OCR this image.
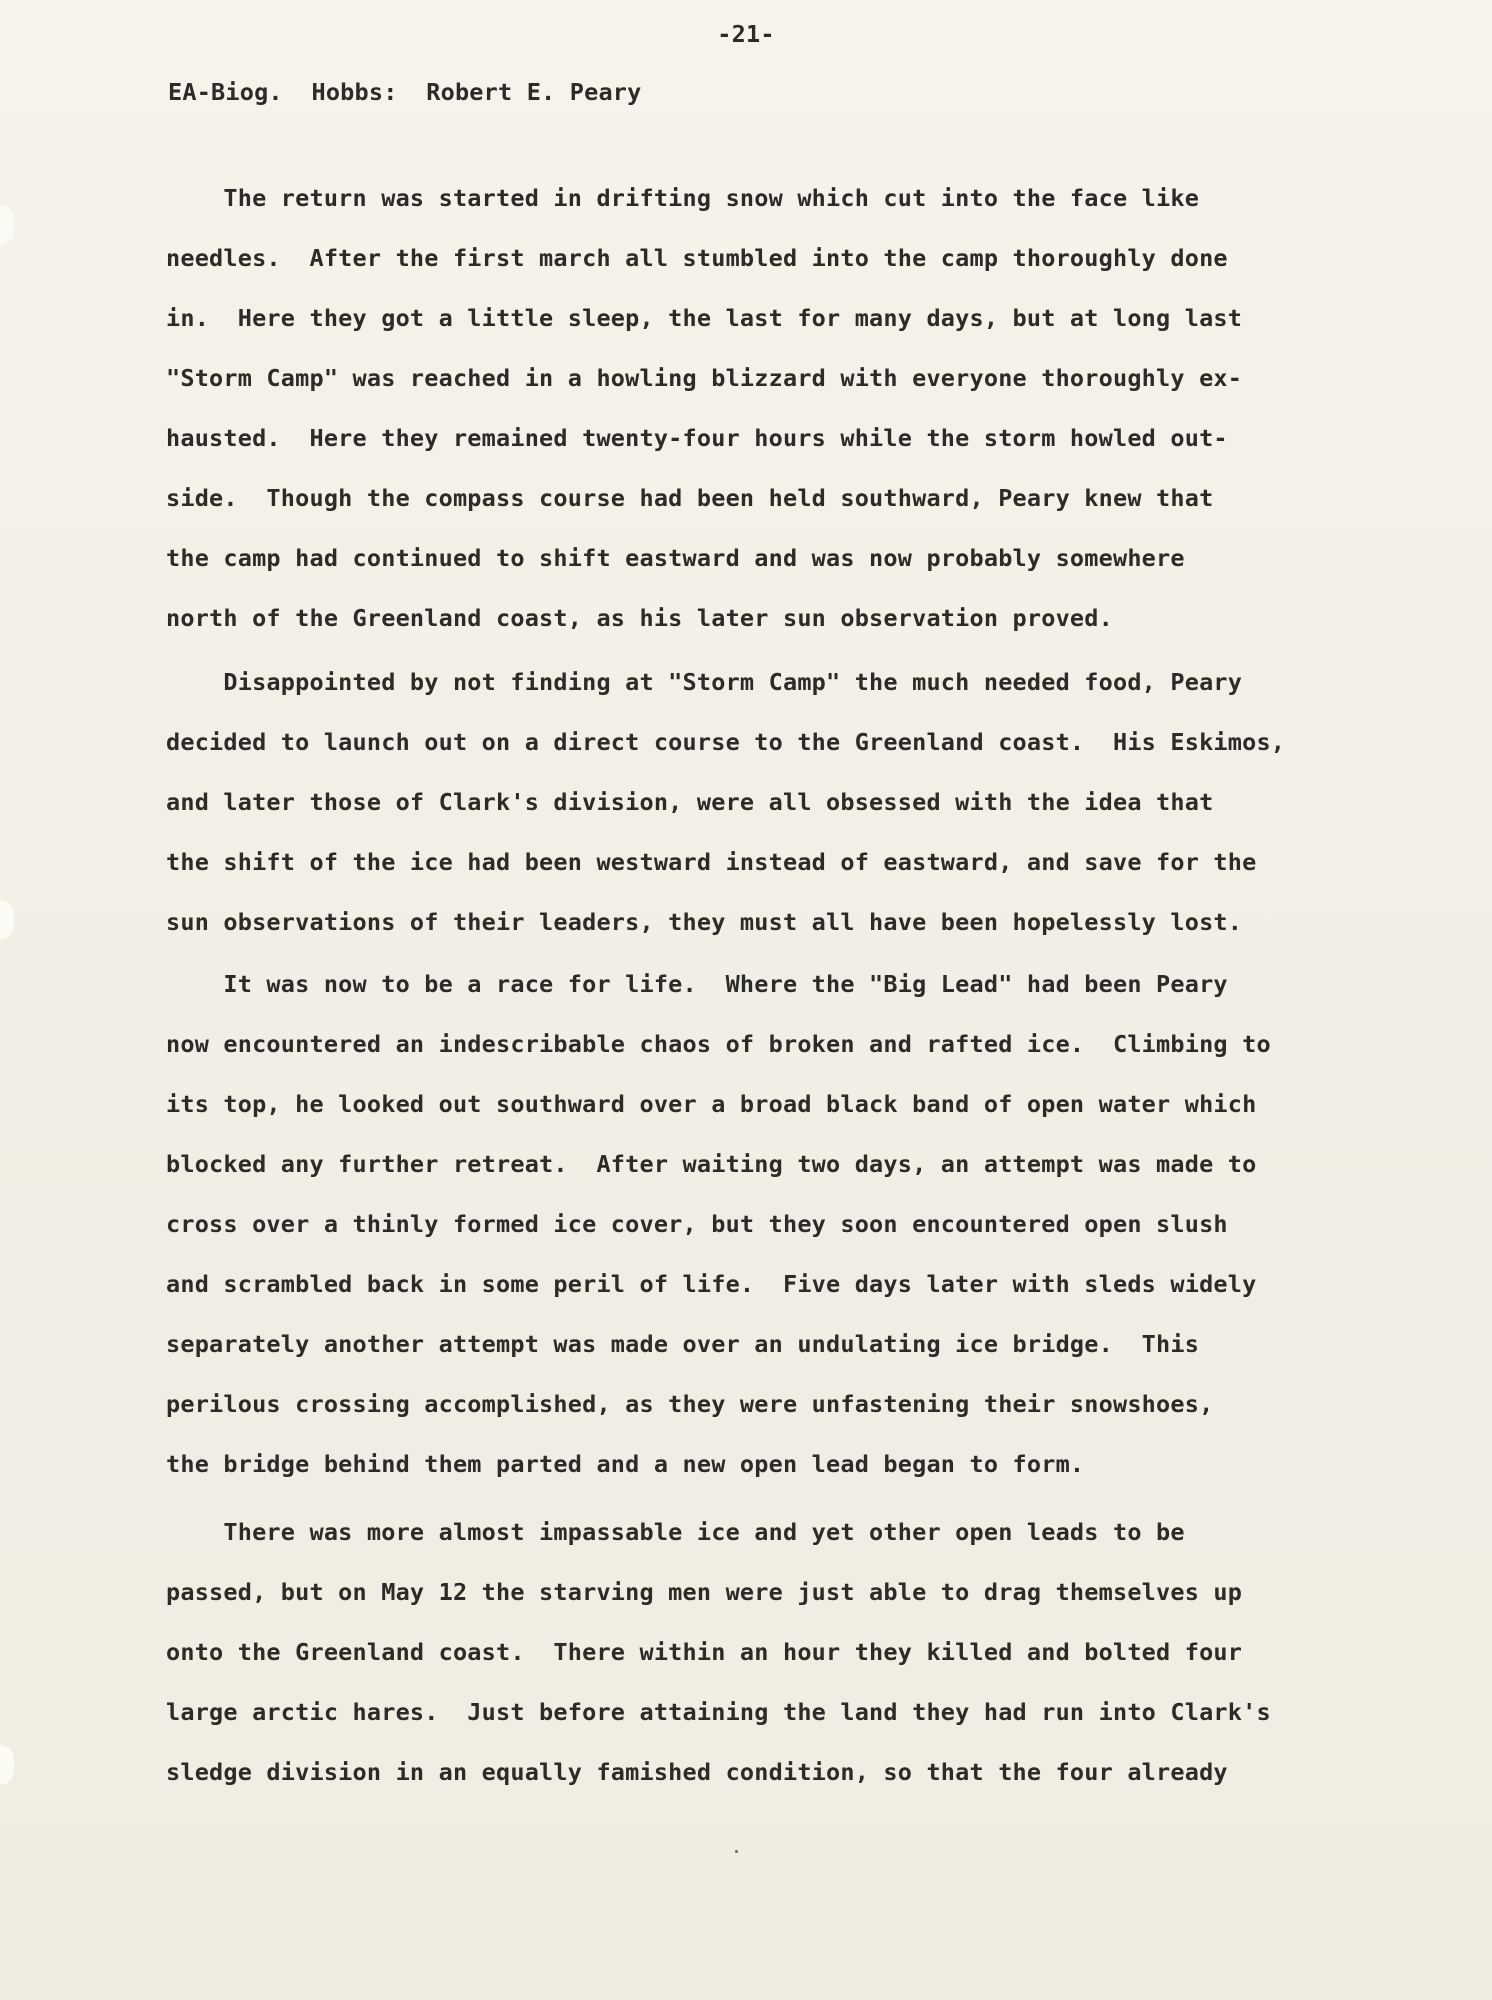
-21-
EA-Biog.  Hobbs:  Robert E. Peary
The return was started in drifting snow which cut into the face like
needles.  After the first march all stumbled into the camp thoroughly done
in.  Here they got a little sleep, the last for many days, but at long last
"Storm Camp" was reached in a howling blizzard with everyone thoroughly ex-
hausted.  Here they remained twenty-four hours while the storm howled out-
side.  Though the compass course had been held southward, Peary knew that
the camp had continued to shift eastward and was now probably somewhere
north of the Greenland coast, as his later sun observation proved.
Disappointed by not finding at "Storm Camp" the much needed food, Peary
decided to launch out on a direct course to the Greenland coast.  His Eskimos,
and later those of Clark's division, were all obsessed with the idea that
the shift of the ice had been westward instead of eastward, and save for the
sun observations of their leaders, they must all have been hopelessly lost.
It was now to be a race for life.  Where the "Big Lead" had been Peary
now encountered an indescribable chaos of broken and rafted ice.  Climbing to
its top, he looked out southward over a broad black band of open water which
blocked any further retreat.  After waiting two days, an attempt was made to
cross over a thinly formed ice cover, but they soon encountered open slush
and scrambled back in some peril of life.  Five days later with sleds widely
separately another attempt was made over an undulating ice bridge.  This
perilous crossing accomplished, as they were unfastening their snowshoes,
the bridge behind them parted and a new open lead began to form.
There was more almost impassable ice and yet other open leads to be
passed, but on May 12 the starving men were just able to drag themselves up
onto the Greenland coast.  There within an hour they killed and bolted four
large arctic hares.  Just before attaining the land they had run into Clark's
sledge division in an equally famished condition, so that the four already
